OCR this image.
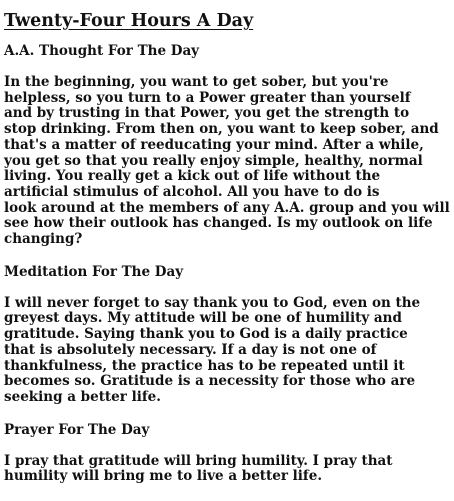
Twenty-Four Hours A Day
A.A. Thought For The Day
In the beginning, you want to get sober, but you're
helpless, so you turn to a Power greater than yourself
and by trusting in that Power, you get the strength to
stop drinking. From then on, you want to keep sober, and
that's a matter of reeducating your mind. After a while,
you get so that you really enjoy simple, healthy, normal
living. You really get a kick out of life without the
artificial stimulus of alcohol. All you have to do is
look around at the members of any A.A. group and you will
see how their outlook has changed. Is my outlook on life
changing?
Meditation For The Day
I will never forget to say thank you to God, even on the
greyest days. My attitude will be one of humility and
gratitude. Saying thank you to God is a daily practice
that is absolutely necessary. If a day is not one of
thankfulness, the practice has to be repeated until it
becomes so. Gratitude is a necessity for those who are
seeking a better life.
Prayer For The Day
I pray that gratitude will bring humility. I pray that
humility will bring me to live a better life.
